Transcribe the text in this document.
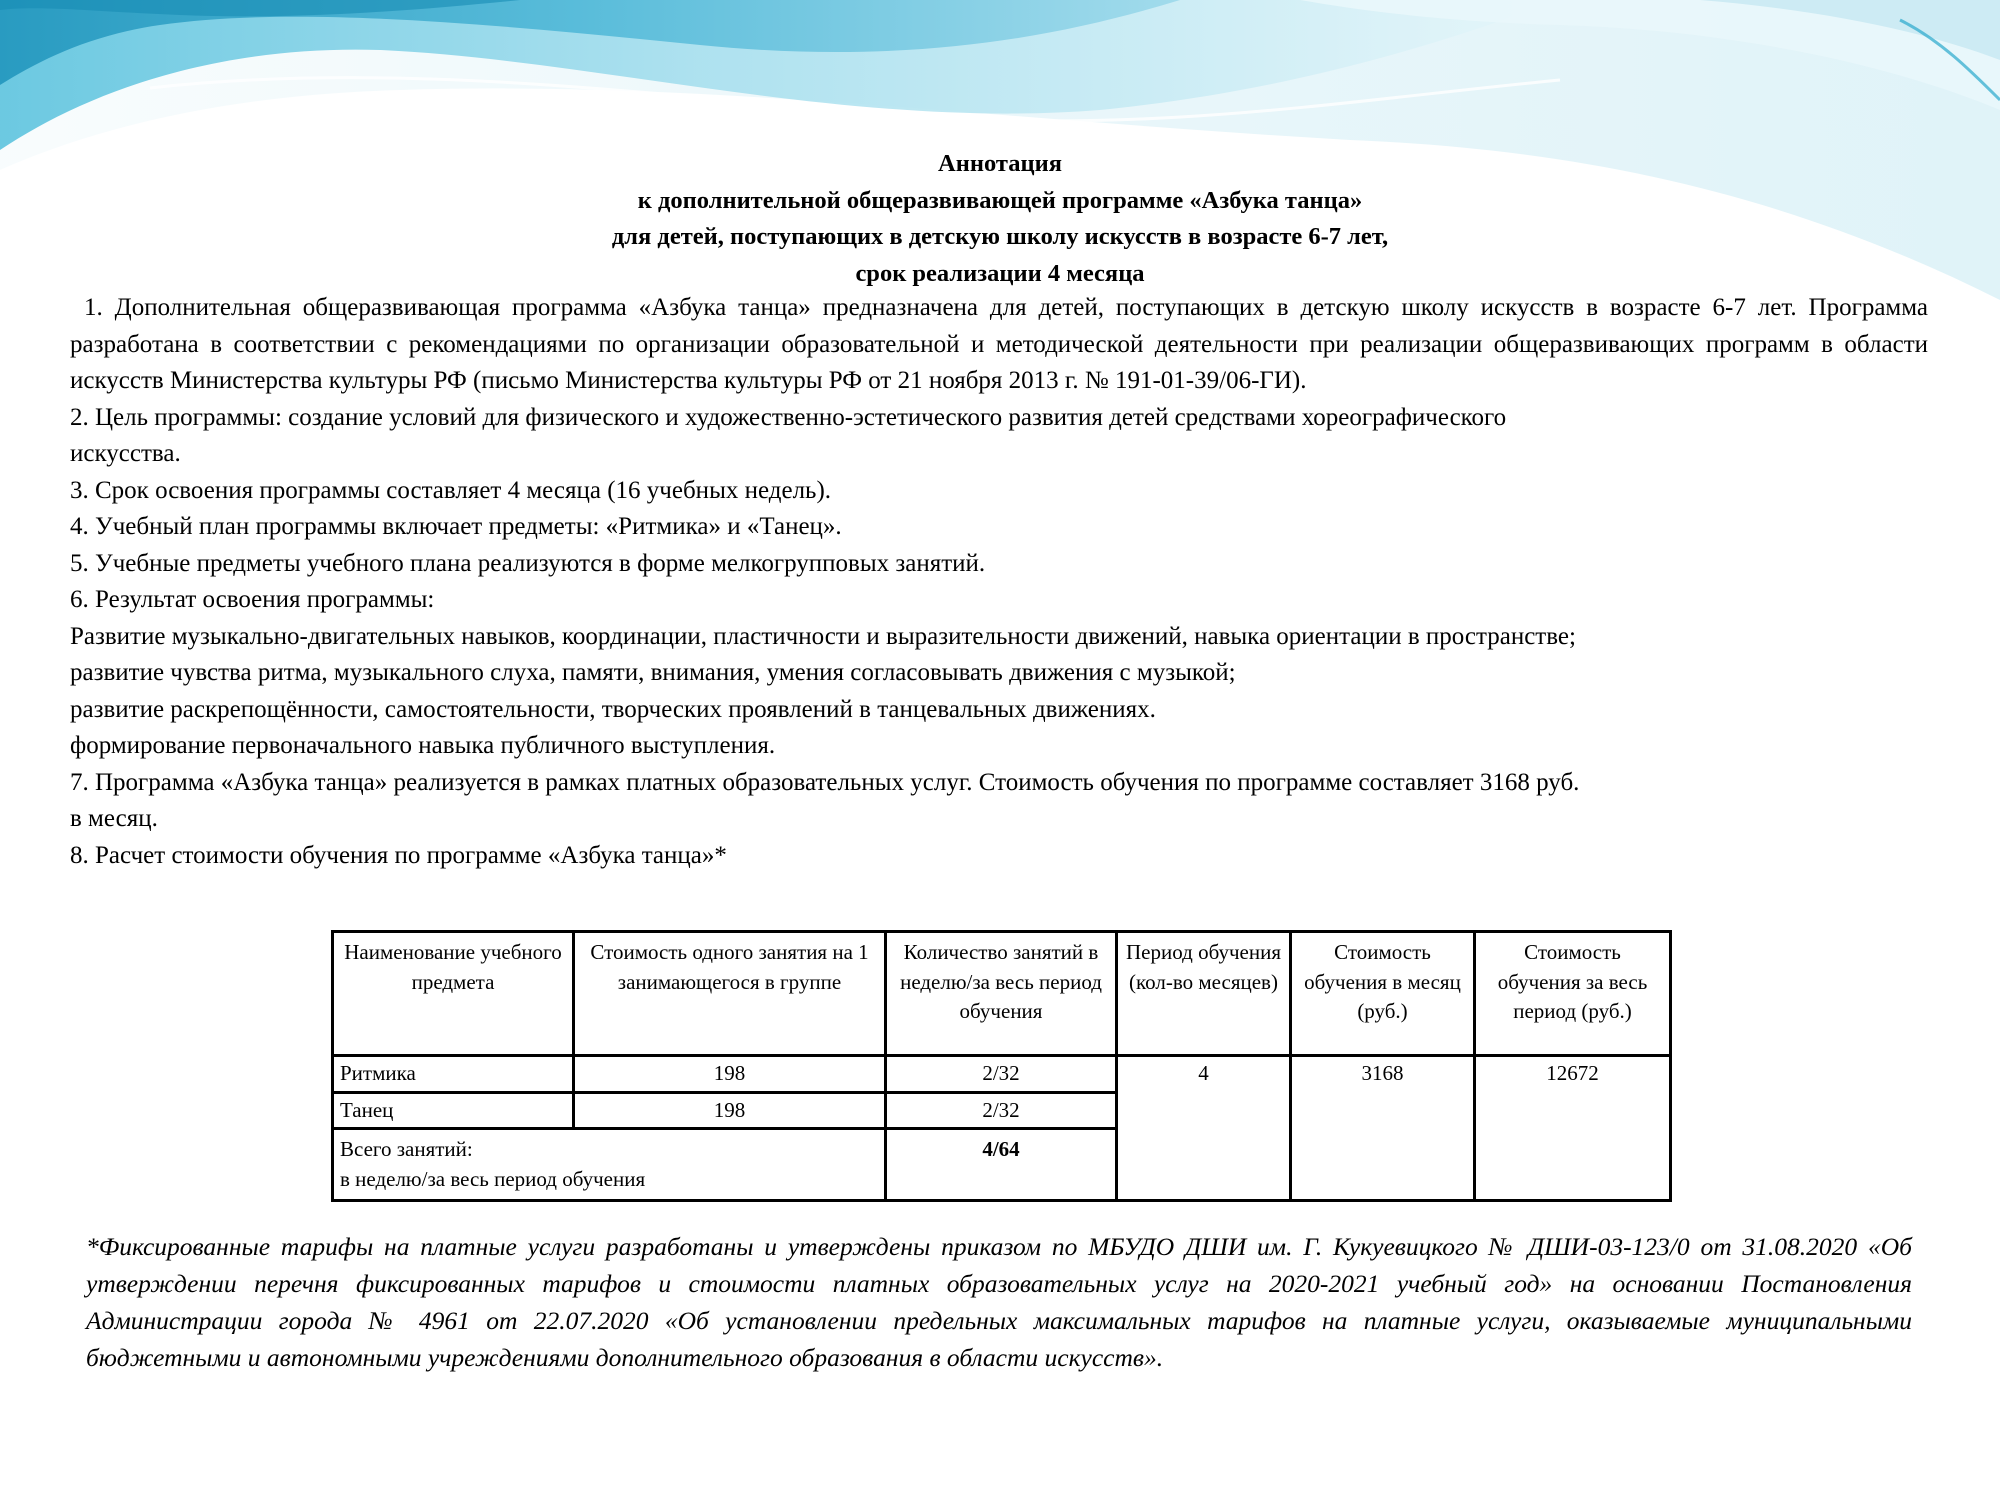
Аннотация
к дополнительной общеразвивающей программе «Азбука танца»
для детей, поступающих в детскую школу искусств в возрасте 6-7 лет,
срок реализации 4 месяца

1. Дополнительная общеразвивающая программа «Азбука танца» предназначена для детей, поступающих в детскую школу искусств в возрасте 6-7 лет. Программа разработана в соответствии с рекомендациями по организации образовательной и методической деятельности при реализации общеразвивающих программ в области искусств Министерства культуры РФ (письмо Министерства культуры РФ от 21 ноября 2013 г. № 191-01-39/06-ГИ).

2. Цель программы: создание условий для физического и художественно-эстетического развития детей средствами хореографического
искусства.
3. Срок освоения программы составляет 4 месяца (16 учебных недель).
4. Учебный план программы включает предметы: «Ритмика» и «Танец».
5. Учебные предметы учебного плана реализуются в форме мелкогрупповых занятий.
6. Результат освоения программы:
Развитие музыкально-двигательных навыков, координации, пластичности и выразительности движений, навыка ориентации в пространстве;
развитие чувства ритма, музыкального слуха, памяти, внимания, умения согласовывать движения с музыкой;
развитие раскрепощённости, самостоятельности, творческих проявлений в танцевальных движениях.
формирование первоначального навыка публичного выступления.
7. Программа «Азбука танца» реализуется в рамках платных образовательных услуг. Стоимость обучения по программе составляет 3168 руб.
в месяц.
8. Расчет стоимости обучения по программе «Азбука танца»*
Наименование учебного предмета	Стоимость одного занятия на 1 занимающегося в группе	Количество занятий в неделю/за весь период обучения	Период обучения (кол-во месяцев)	Стоимость обучения в месяц (руб.)	Стоимость обучения за весь период (руб.)
Ритмика	198	2/32	4	3168	12672
Танец	198	2/32			

Всего занятий:
в неделю/за весь период обучения		4/64			

*Фиксированные тарифы на платные услуги разработаны и утверждены приказом по МБУДО ДШИ им. Г. Кукуевицкого № ДШИ-03-123/0 от 31.08.2020 «Об утверждении перечня фиксированных тарифов и стоимости платных образовательных услуг на 2020-2021 учебный год» на основании Постановления Администрации города № 4961 от 22.07.2020 «Об установлении предельных максимальных тарифов на платные услуги, оказываемые муниципальными бюджетными и автономными учреждениями дополнительного образования в области искусств».
